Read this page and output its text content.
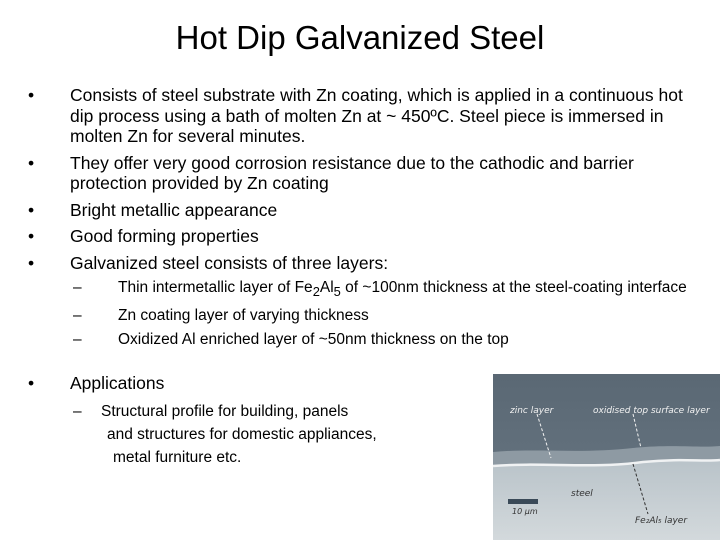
Hot Dip Galvanized Steel
• Consists of steel substrate with Zn coating, which is applied in a continuous hot dip process using a bath of molten Zn at ~ 450ºC. Steel piece is immersed in molten Zn for several minutes.
• They offer very good corrosion resistance due to the cathodic and barrier protection provided by Zn coating
• Bright metallic appearance
• Good forming properties
• Galvanized steel consists of three layers:
– Thin intermetallic layer of $Fe_2Al_5$ of ~100nm thickness at the steel-coating interface
– Zn coating layer of varying thickness
– Oxidized Al enriched layer of ~50nm thickness on the top
• Applications
– Structural profile for building, panels
and structures for domestic appliances,
metal furniture etc.
zinc layer	oxidised top surface layer
steel
10 μm
Fe₂Al₅ layer
